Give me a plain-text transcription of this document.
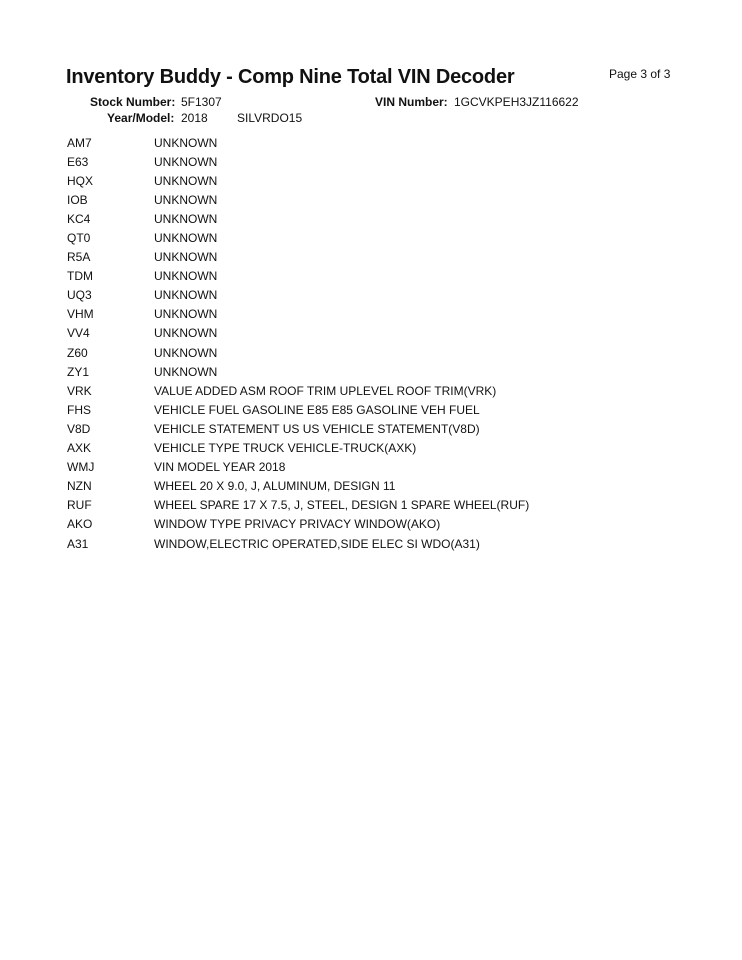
Inventory Buddy - Comp Nine Total VIN Decoder	Page 3 of 3
Stock Number: 5F1307	VIN Number: 1GCVKPEH3JZ116622
Year/Model: 2018 SILVRDO15
AM7	UNKNOWN
E63	UNKNOWN
HQX	UNKNOWN
IOB	UNKNOWN
KC4	UNKNOWN
QT0	UNKNOWN
R5A	UNKNOWN
TDM	UNKNOWN
UQ3	UNKNOWN
VHM	UNKNOWN
VV4	UNKNOWN
Z60	UNKNOWN
ZY1	UNKNOWN
VRK	VALUE ADDED ASM ROOF TRIM UPLEVEL ROOF TRIM(VRK)
FHS	VEHICLE FUEL GASOLINE E85 E85 GASOLINE VEH FUEL
V8D	VEHICLE STATEMENT US US VEHICLE STATEMENT(V8D)
AXK	VEHICLE TYPE TRUCK VEHICLE-TRUCK(AXK)
WMJ	VIN MODEL YEAR 2018
NZN	WHEEL 20 X 9.0, J, ALUMINUM, DESIGN 11
RUF	WHEEL SPARE 17 X 7.5, J, STEEL, DESIGN 1 SPARE WHEEL(RUF)
AKO	WINDOW TYPE PRIVACY PRIVACY WINDOW(AKO)
A31	WINDOW,ELECTRIC OPERATED,SIDE ELEC SI WDO(A31)
